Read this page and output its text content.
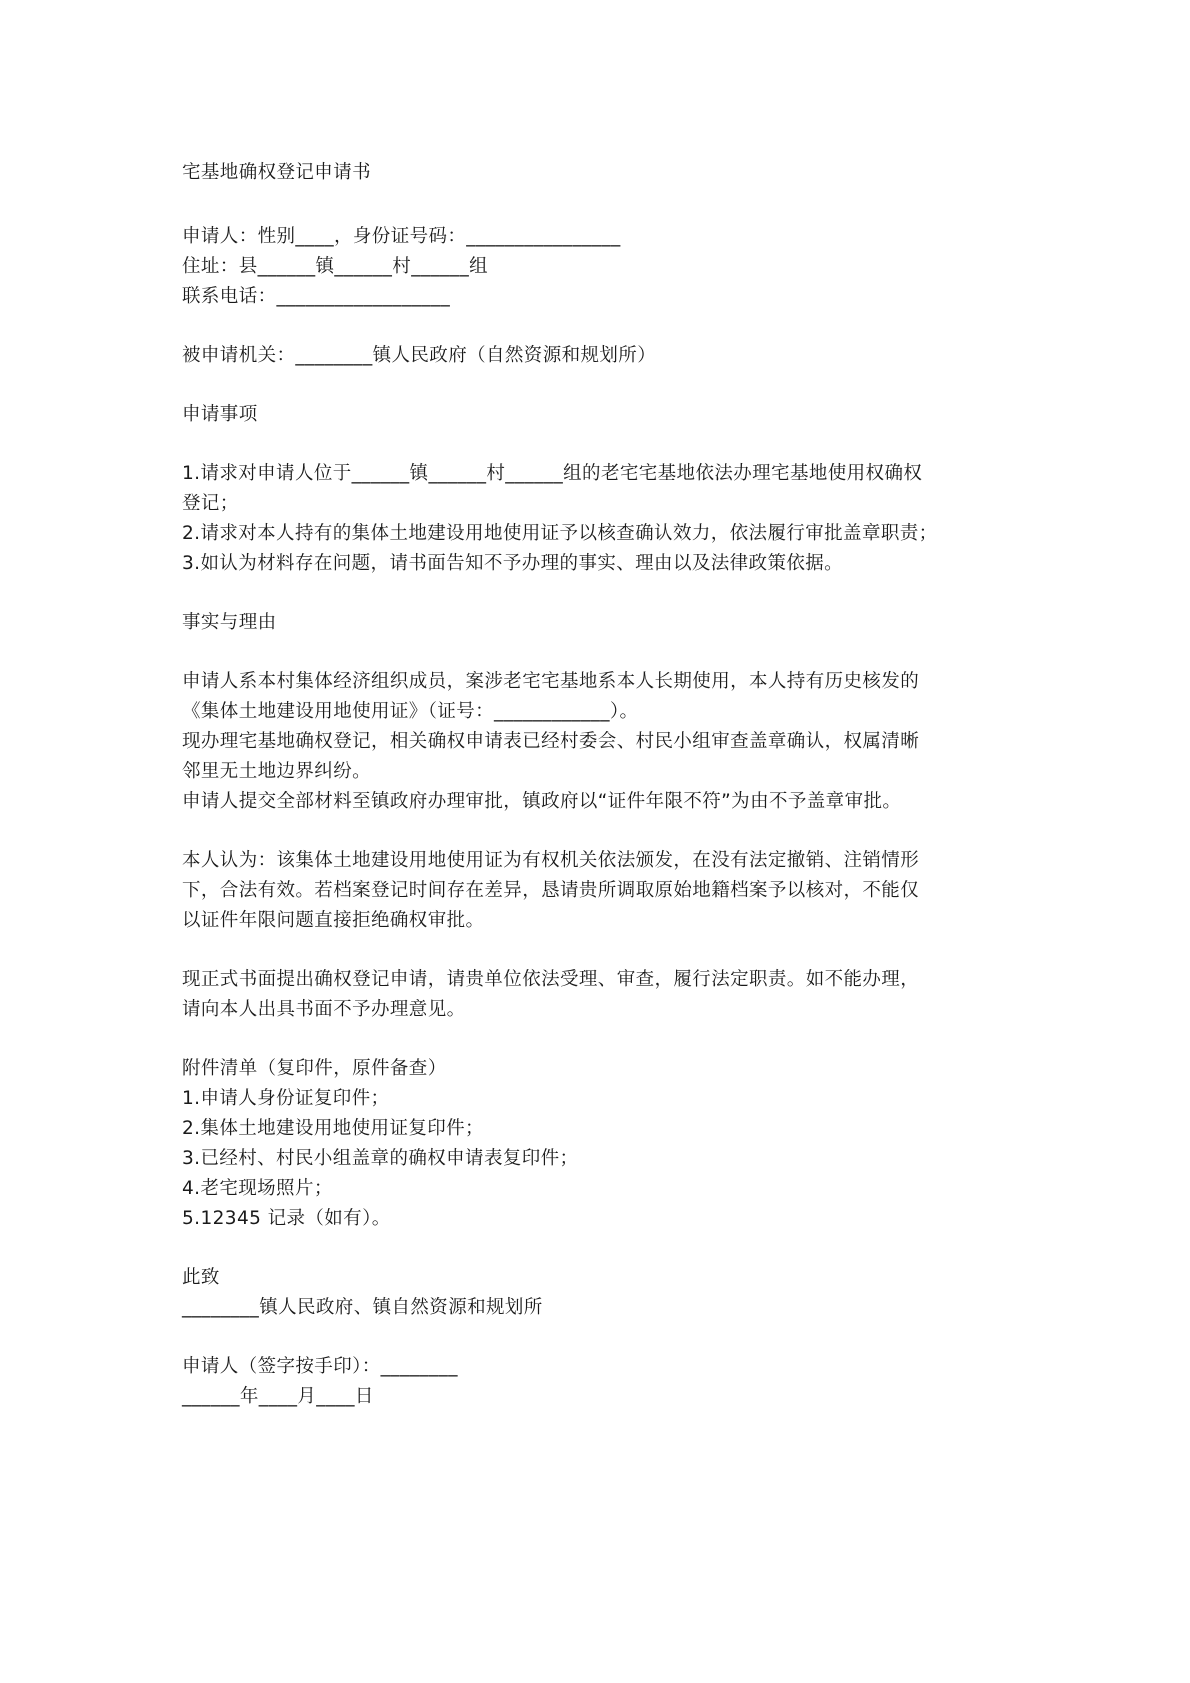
宅基地确权登记申请书
申请人：性别____，身份证号码：________________
住址：县______镇______村______组
联系电话：__________________
被申请机关：________镇人民政府（自然资源和规划所）
申请事项
1.请求对申请人位于______镇______村______组的老宅宅基地依法办理宅基地使用权确权
登记；
2.请求对本人持有的集体土地建设用地使用证予以核查确认效力，依法履行审批盖章职责；
3.如认为材料存在问题，请书面告知不予办理的事实、理由以及法律政策依据。
事实与理由
申请人系本村集体经济组织成员，案涉老宅宅基地系本人长期使用，本人持有历史核发的
《集体土地建设用地使用证》（证号：____________）。
现办理宅基地确权登记，相关确权申请表已经村委会、村民小组审查盖章确认，权属清晰
邻里无土地边界纠纷。
申请人提交全部材料至镇政府办理审批，镇政府以“证件年限不符”为由不予盖章审批。
本人认为：该集体土地建设用地使用证为有权机关依法颁发，在没有法定撤销、注销情形
下，合法有效。若档案登记时间存在差异，恳请贵所调取原始地籍档案予以核对，不能仅
以证件年限问题直接拒绝确权审批。
现正式书面提出确权登记申请，请贵单位依法受理、审查，履行法定职责。如不能办理，
请向本人出具书面不予办理意见。
附件清单（复印件，原件备查）
1.申请人身份证复印件；
2.集体土地建设用地使用证复印件；
3.已经村、村民小组盖章的确权申请表复印件；
4.老宅现场照片；
5.12345 记录（如有）。
此致
________镇人民政府、镇自然资源和规划所
申请人（签字按手印）：________
______年____月____日
